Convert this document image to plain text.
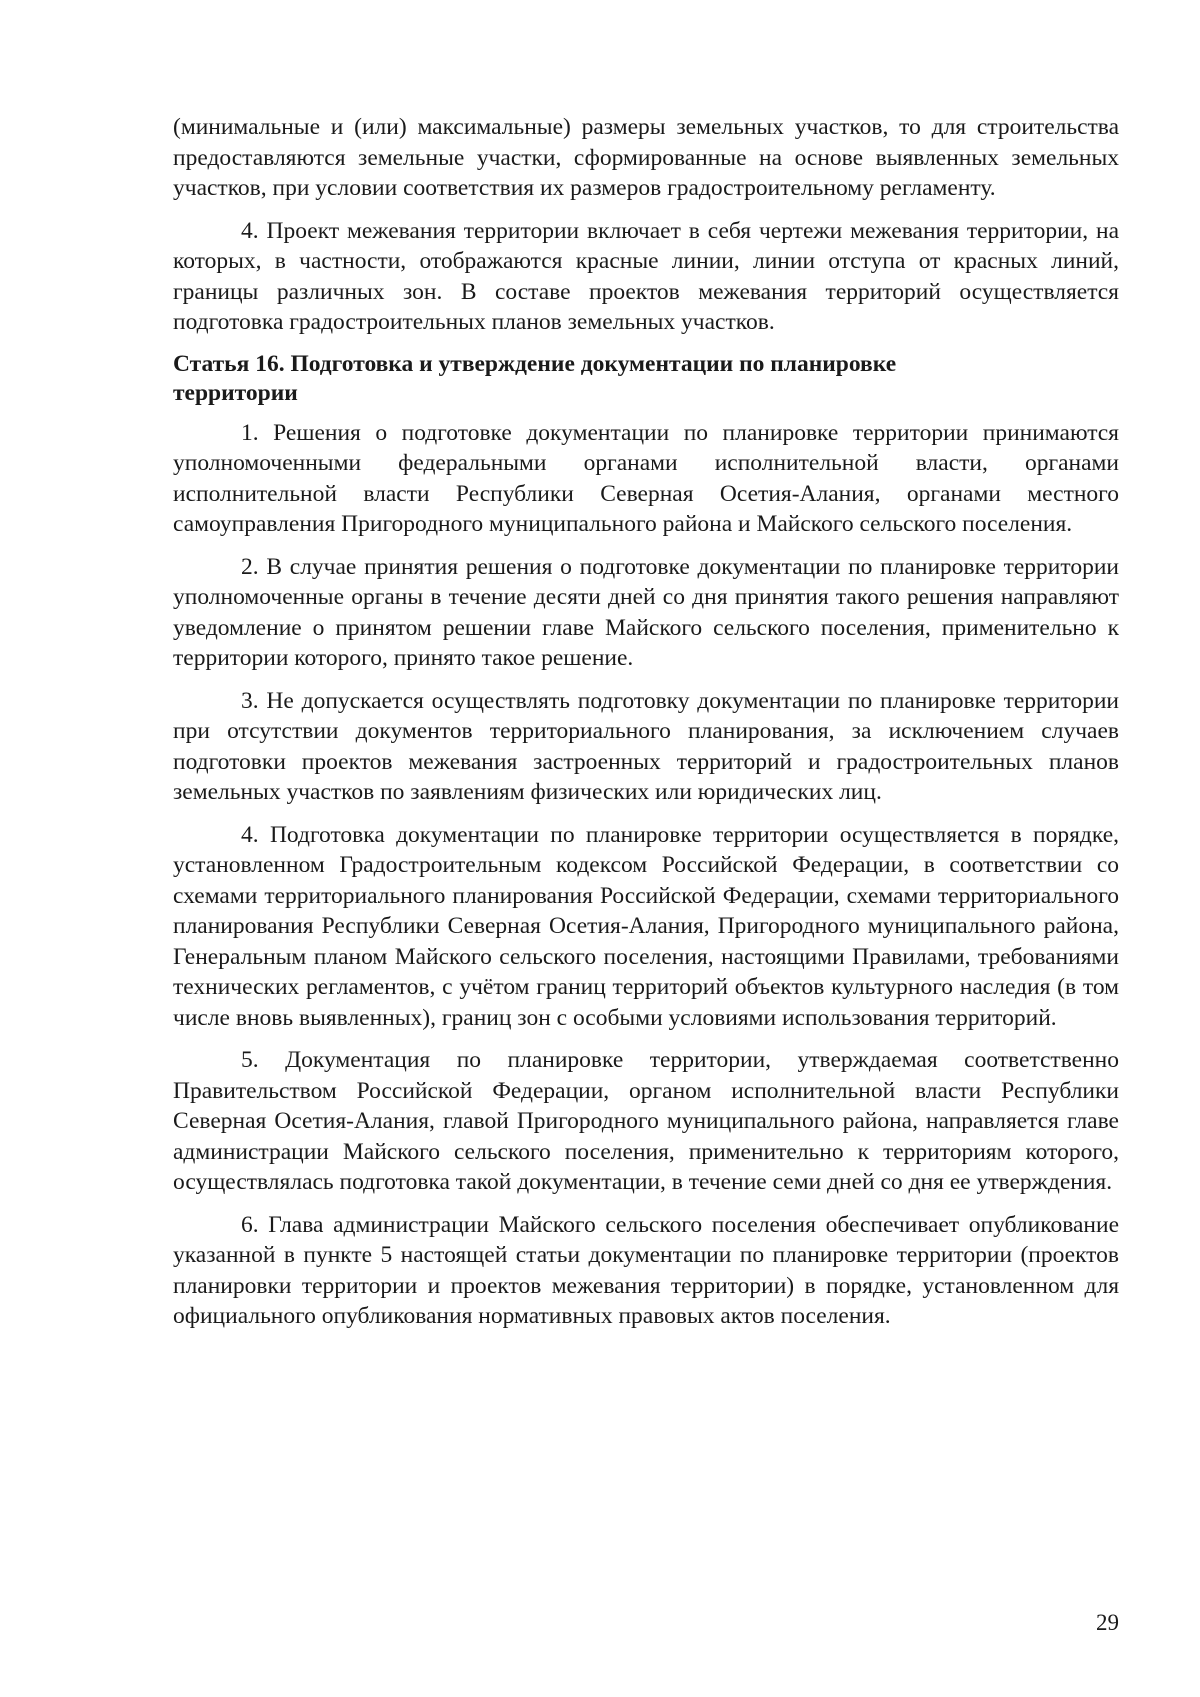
(минимальные и (или) максимальные) размеры земельных участков, то для строительства предоставляются земельные участки, сформированные на основе выявленных земельных участков, при условии соответствия их размеров градостроительному регламенту.

4. Проект межевания территории включает в себя чертежи межевания территории, на которых, в частности, отображаются красные линии, линии отступа от красных линий, границы различных зон. В составе проектов межевания территорий осуществляется подготовка градостроительных планов земельных участков.

Статья 16. Подготовка и утверждение документации по планировке территории

1. Решения о подготовке документации по планировке территории принимаются уполномоченными федеральными органами исполнительной власти, органами исполнительной власти Республики Северная Осетия-Алания, органами местного самоуправления Пригородного муниципального района и Майского сельского поселения.

2. В случае принятия решения о подготовке документации по планировке территории уполномоченные органы в течение десяти дней со дня принятия такого решения направляют уведомление о принятом решении главе Майского сельского поселения, применительно к территории которого, принято такое решение.

3. Не допускается осуществлять подготовку документации по планировке территории при отсутствии документов территориального планирования, за исключением случаев подготовки проектов межевания застроенных территорий и градостроительных планов земельных участков по заявлениям физических или юридических лиц.

4. Подготовка документации по планировке территории осуществляется в порядке, установленном Градостроительным кодексом Российской Федерации, в соответствии со схемами территориального планирования Российской Федерации, схемами территориального планирования Республики Северная Осетия-Алания, Пригородного муниципального района, Генеральным планом Майского сельского поселения, настоящими Правилами, требованиями технических регламентов, с учётом границ территорий объектов культурного наследия (в том числе вновь выявленных), границ зон с особыми условиями использования территорий.

5. Документация по планировке территории, утверждаемая соответственно Правительством Российской Федерации, органом исполнительной власти Республики Северная Осетия-Алания, главой Пригородного муниципального района, направляется главе администрации Майского сельского поселения, применительно к территориям которого, осуществлялась подготовка такой документации, в течение семи дней со дня ее утверждения.

6. Глава администрации Майского сельского поселения обеспечивает опубликование указанной в пункте 5 настоящей статьи документации по планировке территории (проектов планировки территории и проектов межевания территории) в порядке, установленном для официального опубликования нормативных правовых актов поселения.

29
